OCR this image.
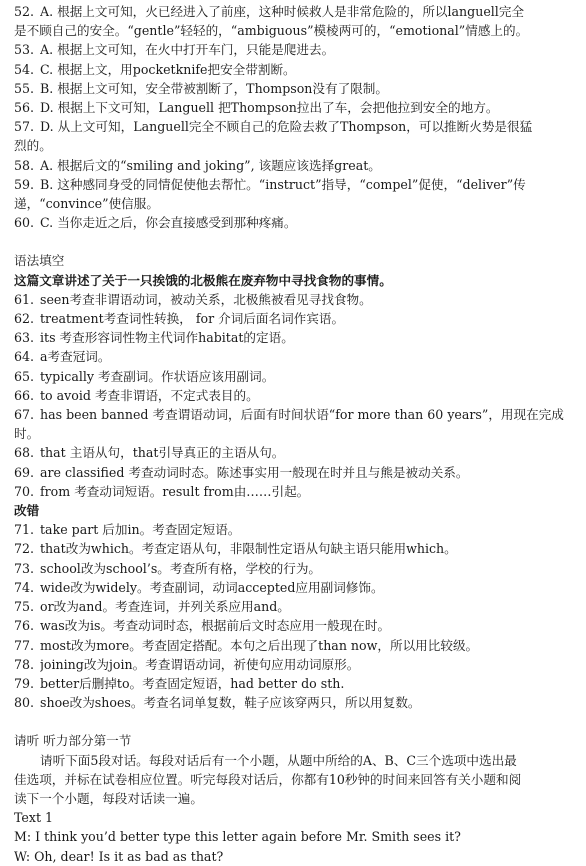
52. A. 根据上文可知，火已经进入了前座，这种时候救人是非常危险的，所以languell完全
是不顾自己的安全。“gentle”轻轻的，“ambiguous”模棱两可的，“emotional”情感上的。
53. A. 根据上文可知，在火中打开车门，只能是爬进去。
54. C. 根据上文，用pocketknife把安全带割断。
55. B. 根据上文可知，安全带被割断了，Thompson没有了限制。
56. D. 根据上下文可知，Languell 把Thompson拉出了车，会把他拉到安全的地方。
57. D. 从上文可知，Languell完全不顾自己的危险去救了Thompson，可以推断火势是很猛
烈的。
58. A. 根据后文的“smiling and joking”, 该题应该选择great。
59. B. 这种感同身受的同情促使他去帮忙。“instruct”指导，“compel”促使，“deliver”传
递，“convince”使信服。
60. C. 当你走近之后，你会直接感受到那种疼痛。
语法填空
这篇文章讲述了关于一只挨饿的北极熊在废弃物中寻找食物的事情。
61. seen考查非谓语动词，被动关系，北极熊被看见寻找食物。
62. treatment考查词性转换， for 介词后面名词作宾语。
63. its 考查形容词性物主代词作habitat的定语。
64. a考查冠词。
65. typically 考查副词。作状语应该用副词。
66. to avoid 考查非谓语，不定式表目的。
67. has been banned 考查谓语动词，后面有时间状语“for more than 60 years”，用现在完成
时。
68. that 主语从句，that引导真正的主语从句。
69. are classified 考查动词时态。陈述事实用一般现在时并且与熊是被动关系。
70. from 考查动词短语。result from由……引起。
改错
71. take part 后加in。考查固定短语。
72. that改为which。考查定语从句，非限制性定语从句缺主语只能用which。
73. school改为school’s。考查所有格，学校的行为。
74. wide改为widely。考查副词，动词accepted应用副词修饰。
75. or改为and。考查连词，并列关系应用and。
76. was改为is。考查动词时态，根据前后文时态应用一般现在时。
77. most改为more。考查固定搭配。本句之后出现了than now，所以用比较级。
78. joining改为join。考查谓语动词，祈使句应用动词原形。
79. better后删掉to。考查固定短语，had better do sth.
80. shoe改为shoes。考查名词单复数，鞋子应该穿两只，所以用复数。
请听 听力部分第一节
请听下面5段对话。每段对话后有一个小题，从题中所给的A、B、C三个选项中选出最
佳选项，并标在试卷相应位置。听完每段对话后，你都有10秒钟的时间来回答有关小题和阅
读下一个小题，每段对话读一遍。
Text 1
M: I think you’d better type this letter again before Mr. Smith sees it?
W: Oh, dear! Is it as bad as that?
